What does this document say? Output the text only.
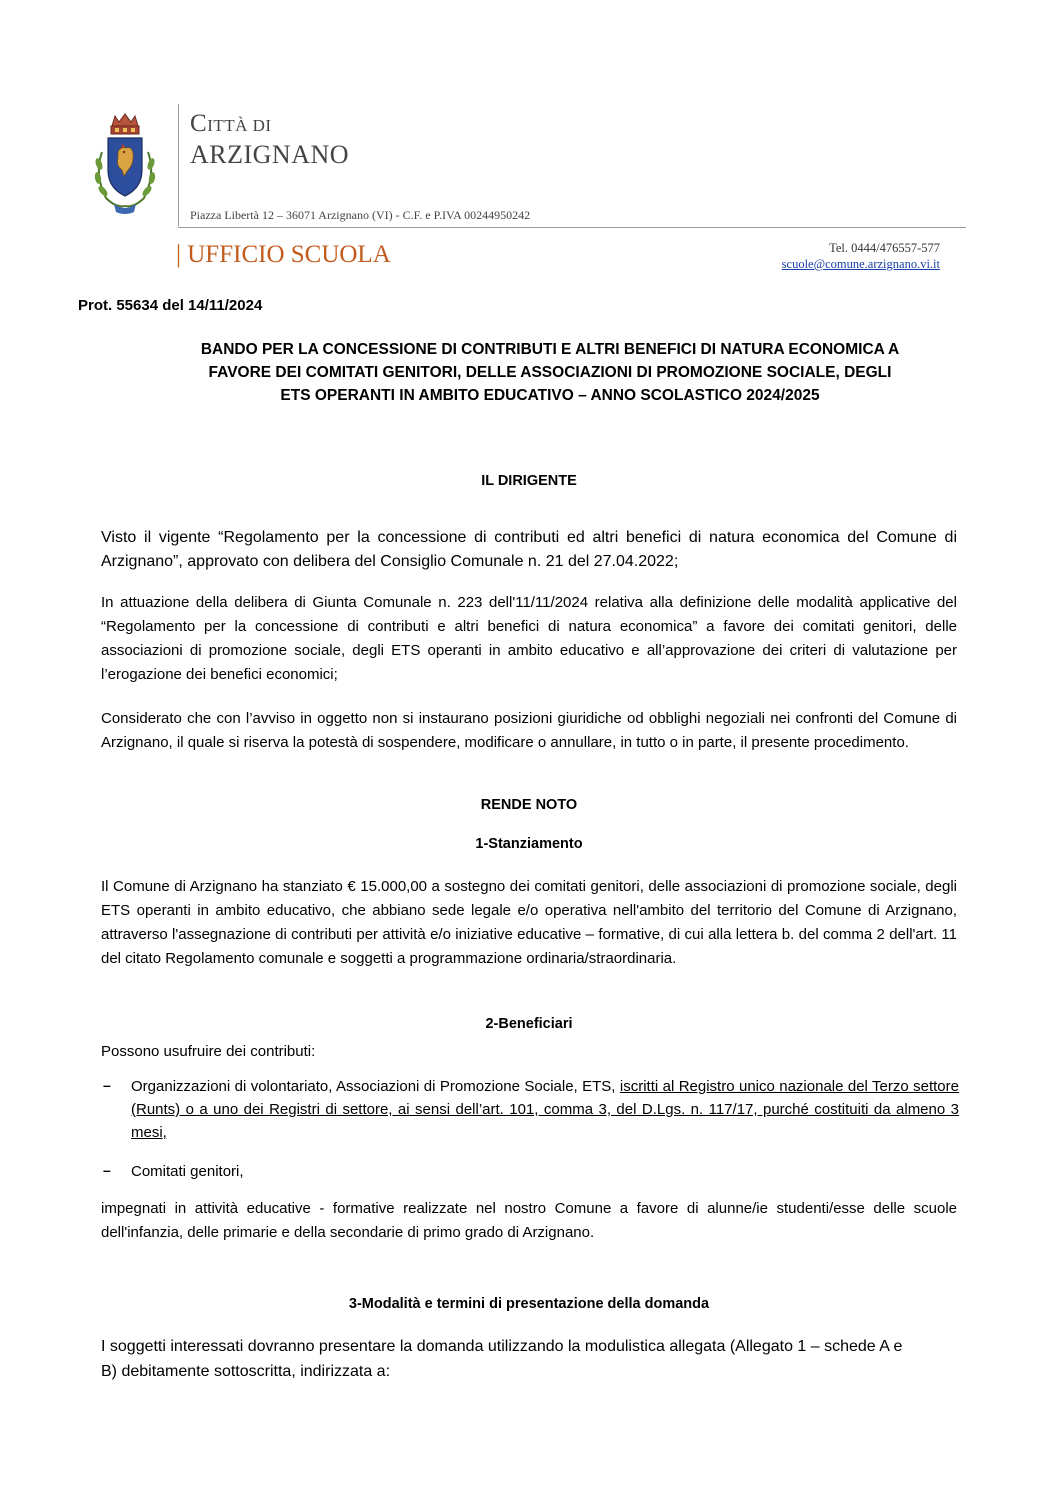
CITTÀ DI
ARZIGNANO
Piazza Libertà 12 – 36071 Arzignano (VI) - C.F. e P.IVA 00244950242
| UFFICIO SCUOLA	Tel. 0444/476557-577
scuole@comune.arzignano.vi.it
Prot. 55634 del 14/11/2024
BANDO PER LA CONCESSIONE DI CONTRIBUTI E ALTRI BENEFICI DI NATURA ECONOMICA A FAVORE DEI COMITATI GENITORI, DELLE ASSOCIAZIONI DI PROMOZIONE SOCIALE, DEGLI ETS OPERANTI IN AMBITO EDUCATIVO – ANNO SCOLASTICO 2024/2025
IL DIRIGENTE
Visto il vigente “Regolamento per la concessione di contributi ed altri benefici di natura economica del Comune di Arzignano”, approvato con delibera del Consiglio Comunale n. 21 del 27.04.2022;
In attuazione della delibera di Giunta Comunale n. 223 dell'11/11/2024 relativa alla definizione delle modalità applicative del “Regolamento per la concessione di contributi e altri benefici di natura economica” a favore dei comitati genitori, delle associazioni di promozione sociale, degli ETS operanti in ambito educativo e all’approvazione dei criteri di valutazione per l’erogazione dei benefici economici;
Considerato che con l’avviso in oggetto non si instaurano posizioni giuridiche od obblighi negoziali nei confronti del Comune di Arzignano, il quale si riserva la potestà di sospendere, modificare o annullare, in tutto o in parte, il presente procedimento.
RENDE NOTO
1-Stanziamento
Il Comune di Arzignano ha stanziato € 15.000,00 a sostegno dei comitati genitori, delle associazioni di promozione sociale, degli ETS operanti in ambito educativo, che abbiano sede legale e/o operativa nell'ambito del territorio del Comune di Arzignano, attraverso l'assegnazione di contributi per attività e/o iniziative educative – formative, di cui alla lettera b. del comma 2 dell'art. 11 del citato Regolamento comunale e soggetti a programmazione ordinaria/straordinaria.
2-Beneficiari
Possono usufruire dei contributi:
– Organizzazioni di volontariato, Associazioni di Promozione Sociale, ETS, iscritti al Registro unico nazionale del Terzo settore (Runts) o a uno dei Registri di settore, ai sensi dell’art. 101, comma 3, del D.Lgs. n. 117/17, purché costituiti da almeno 3 mesi,
– Comitati genitori,
impegnati in attività educative - formative realizzate nel nostro Comune a favore di alunne/ie studenti/esse delle scuole dell'infanzia, delle primarie e della secondarie di primo grado di Arzignano.
3-Modalità e termini di presentazione della domanda
I soggetti interessati dovranno presentare la domanda utilizzando la modulistica allegata (Allegato 1 – schede A e B) debitamente sottoscritta, indirizzata a:
